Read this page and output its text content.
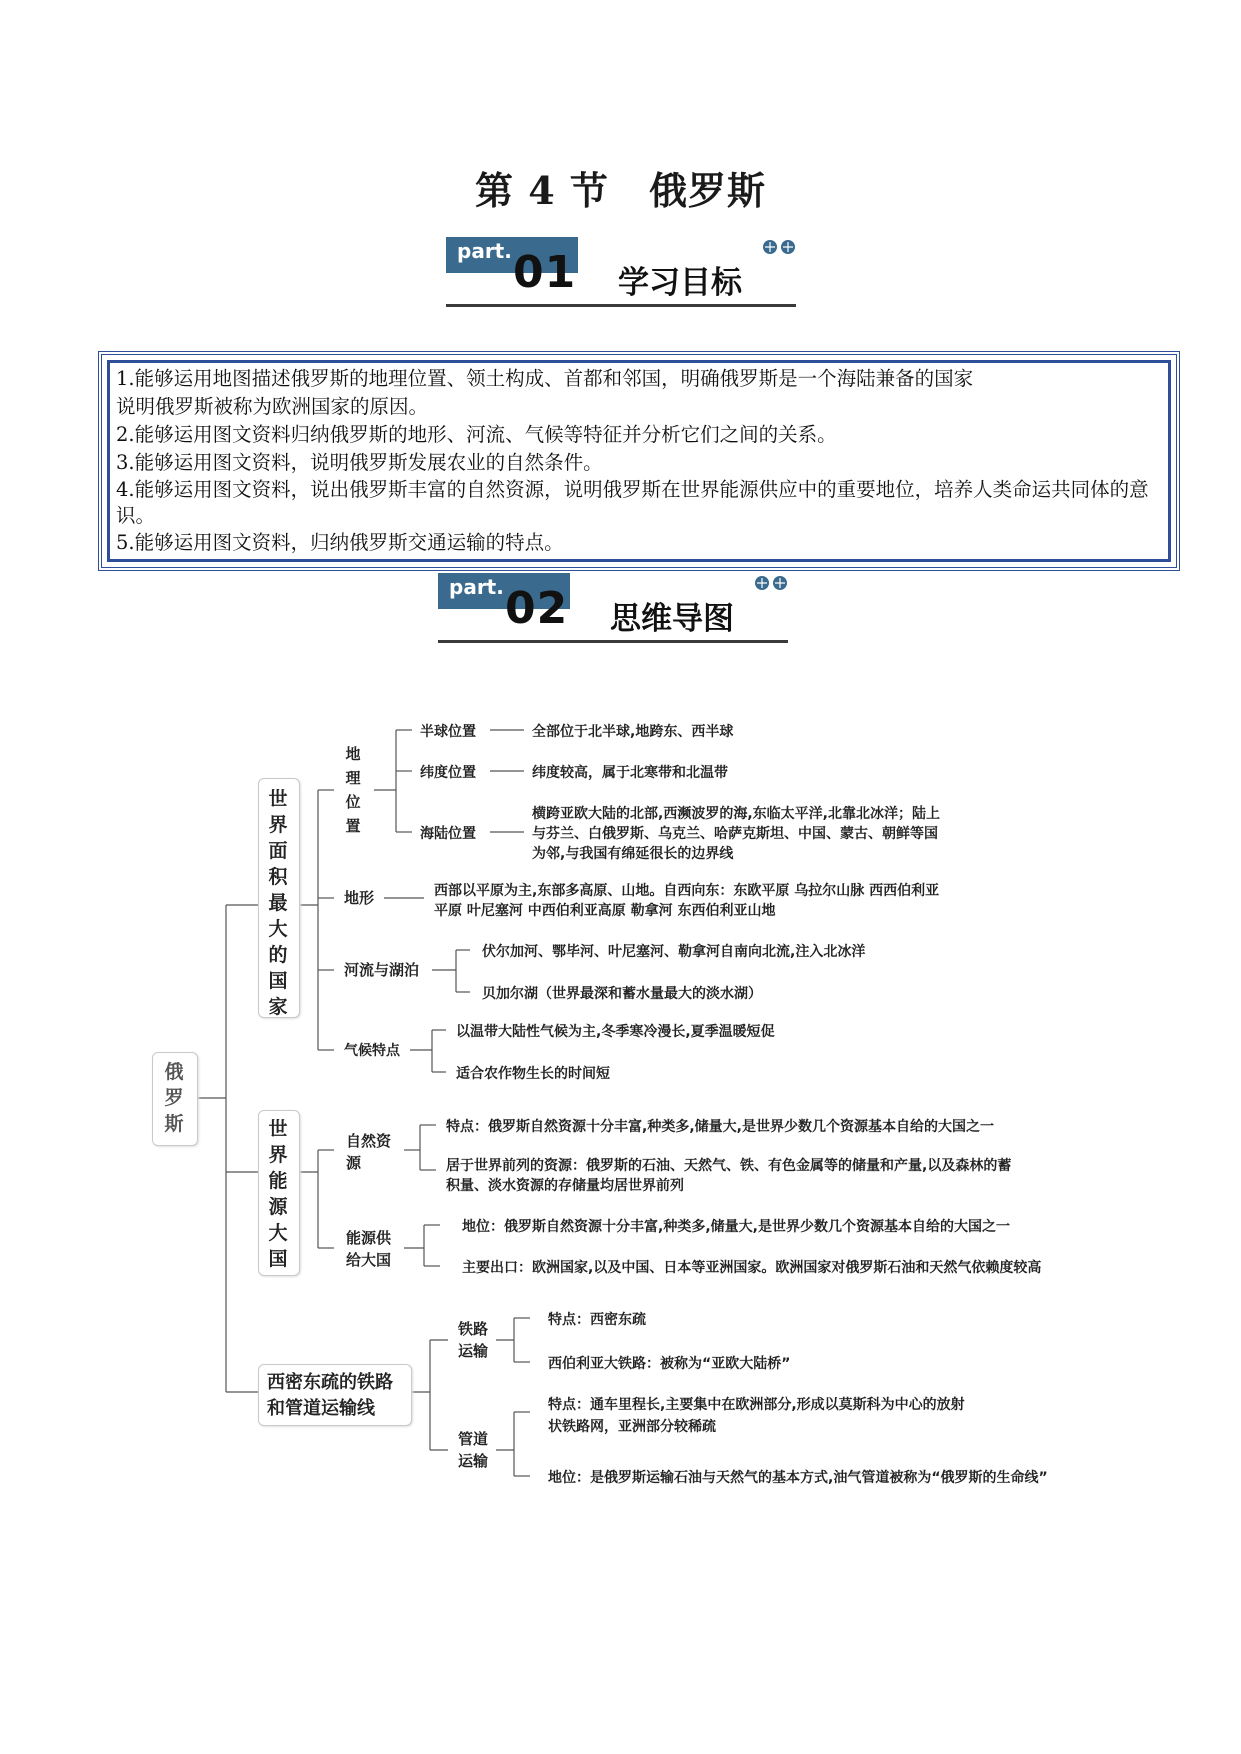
第 4 节 俄罗斯
part. 01 学习目标

1.能够运用地图描述俄罗斯的地理位置、领土构成、首都和邻国，明确俄罗斯是一个海陆兼备的国家

说明俄罗斯被称为欧洲国家的原因。

2.能够运用图文资料归纳俄罗斯的地形、河流、气候等特征并分析它们之间的关系。

3.能够运用图文资料，说明俄罗斯发展农业的自然条件。

4.能够运用图文资料，说出俄罗斯丰富的自然资源，说明俄罗斯在世界能源供应中的重要地位，培养人类命运共同体的意识。

5.能够运用图文资料，归纳俄罗斯交通运输的特点。

part. 02 思维导图
俄罗斯
世界面积最大的国家
地理位置
半球位置	全部位于北半球,地跨东、西半球
纬度位置	纬度较高，属于北寒带和北温带
海陆位置
横跨亚欧大陆的北部,西濒波罗的海,东临太平洋,北靠北冰洋；陆上
与芬兰、白俄罗斯、乌克兰、哈萨克斯坦、中国、蒙古、朝鲜等国
为邻,与我国有绵延很长的边界线
地形	西部以平原为主,东部多高原、山地。自西向东：东欧平原 乌拉尔山脉 西西伯利亚
平原 叶尼塞河 中西伯利亚高原 勒拿河 东西伯利亚山地
河流与湖泊
伏尔加河、鄂毕河、叶尼塞河、勒拿河自南向北流,注入北冰洋
贝加尔湖（世界最深和蓄水量最大的淡水湖）
气候特点
以温带大陆性气候为主,冬季寒冷漫长,夏季温暖短促
适合农作物生长的时间短
世界能源大国
自然资
源
特点：俄罗斯自然资源十分丰富,种类多,储量大,是世界少数几个资源基本自给的大国之一
居于世界前列的资源：俄罗斯的石油、天然气、铁、有色金属等的储量和产量,以及森林的蓄
积量、淡水资源的存储量均居世界前列
能源供
给大国
地位：俄罗斯自然资源十分丰富,种类多,储量大,是世界少数几个资源基本自给的大国之一
主要出口：欧洲国家,以及中国、日本等亚洲国家。欧洲国家对俄罗斯石油和天然气依赖度较高
西密东疏的铁路
和管道运输线
铁路
运输
特点：西密东疏
西伯利亚大铁路：被称为“亚欧大陆桥”
管道
运输
特点：通车里程长,主要集中在欧洲部分,形成以莫斯科为中心的放射
状铁路网，亚洲部分较稀疏
地位：是俄罗斯运输石油与天然气的基本方式,油气管道被称为“俄罗斯的生命线”
